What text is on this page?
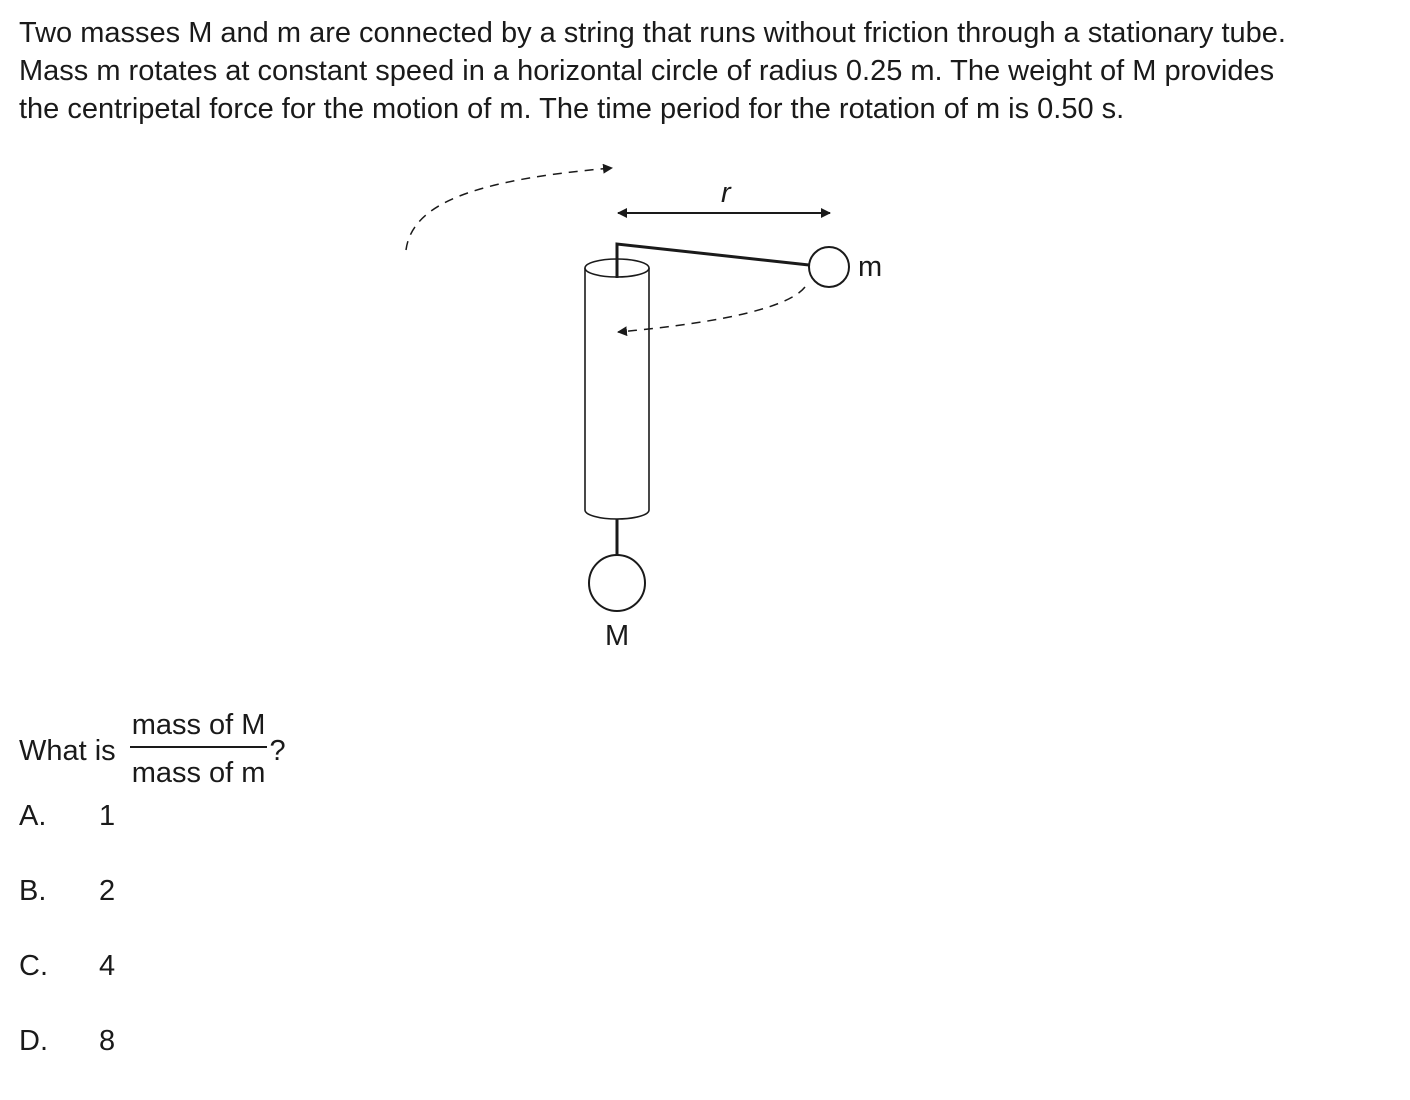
Two masses M and m are connected by a string that runs without friction through a stationary tube.

Mass m rotates at constant speed in a horizontal circle of radius 0.25 m. The weight of M provides

the centripetal force for the motion of m. The time period for the rotation of m is 0.50 s.

r
m
M
What is $\frac{\text{mass of M}}{\text{mass of m}}$ ?
A.	1
B.	2
C.	4
D.	8
